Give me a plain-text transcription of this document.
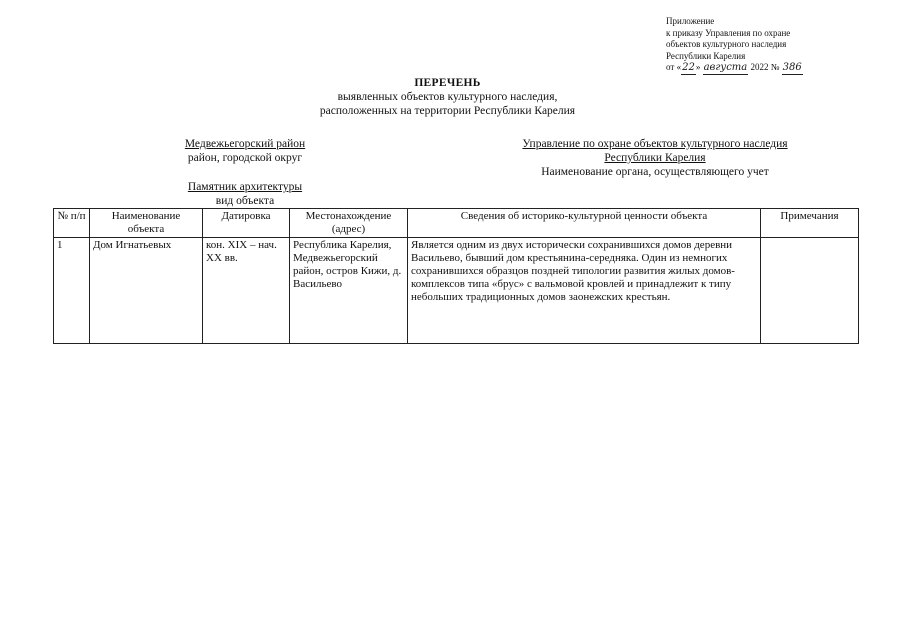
Приложение
к приказу Управления по охране
объектов культурного наследия
Республики Карелия
от «22» августа 2022 № 386
ПЕРЕЧЕНЬ
выявленных объектов культурного наследия,
расположенных на территории Республики Карелия
Медвежьегорский район
район, городской округ
Управление по охране объектов культурного наследия
Республики Карелия
Наименование органа, осуществляющего учет
Памятник архитектуры
вид объекта
№ п/п	Наименование объекта	Датировка	Местонахождение (адрес)	Сведения об историко-культурной ценности объекта	Примечания
1	Дом Игнатьевых	кон. XIX – нач. XX вв.	Республика Карелия, Медвежьегорский район, остров Кижи, д. Васильево	Является одним из двух исторически сохранившихся домов деревни Васильево, бывший дом крестьянина-середняка. Один из немногих сохранившихся образцов поздней типологии развития жилых домов-комплексов типа «брус» с вальмовой кровлей и принадлежит к типу небольших традиционных домов заонежских крестьян.	
